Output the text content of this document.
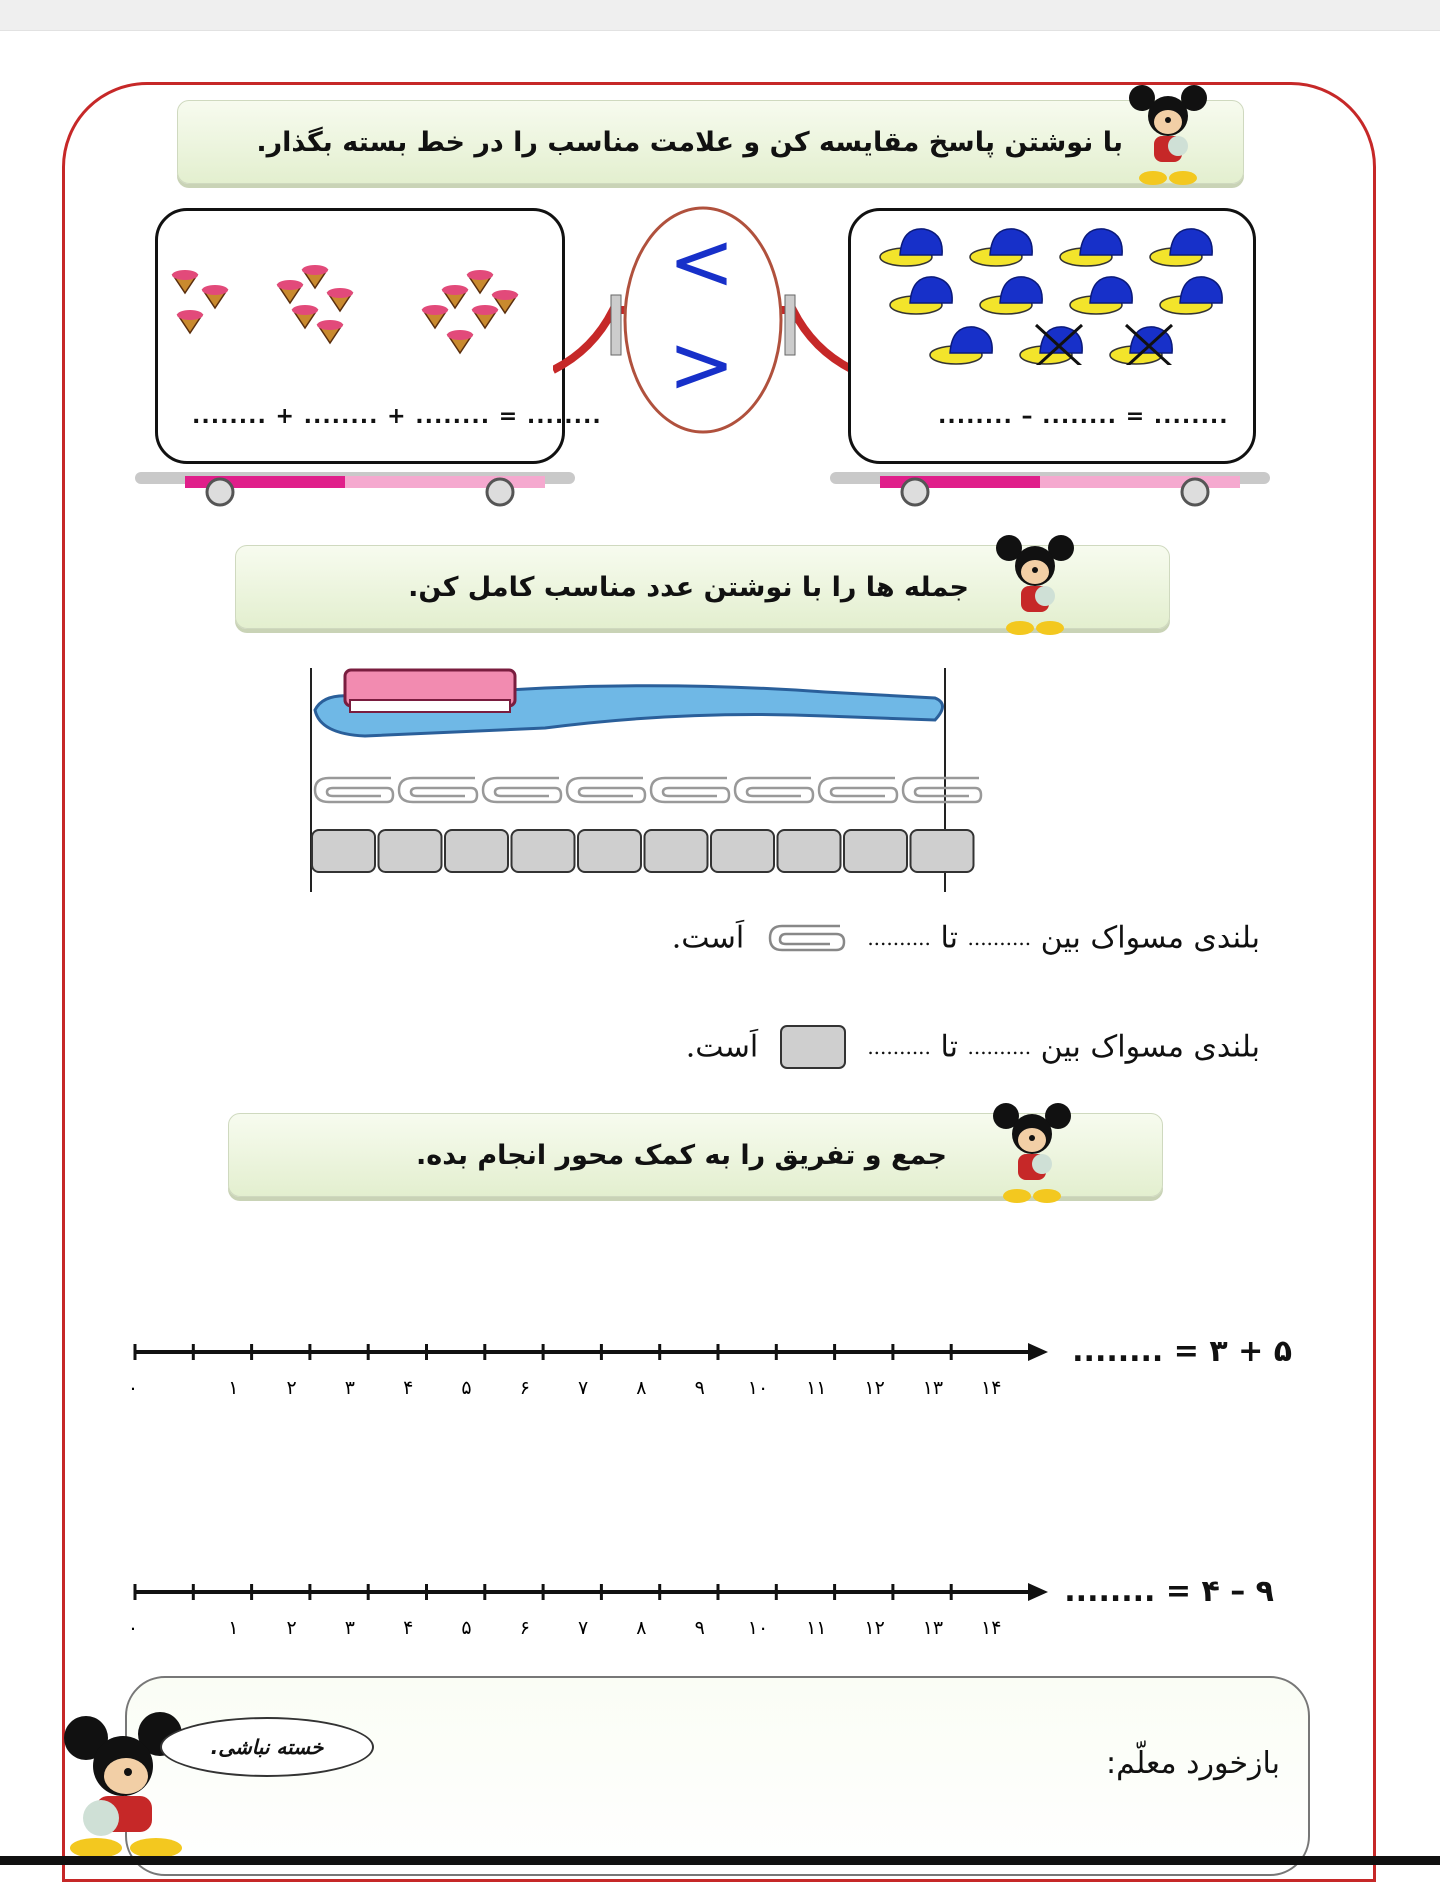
با نوشتن پاسخ مقایسه کن و علامت مناسب را در خط بسته بگذار.
........ + ........ + ........ = ........
<
>
........ – ........ = ........
جمله ها را با نوشتن عدد مناسب کامل کن.
بلندی مسواک بین .......... تا ..........  اَست.
بلندی مسواک بین .......... تا ..........  اَست.
جمع و تفریق را به کمک محور انجام بده.
۰	۱	۲	۳	۴	۵	۶	۷	۸	۹ ۱۰ ۱۱ ۱۲ ۱۳ ۱۴
........ = ۳ + ۵
۰	۱	۲	۳	۴	۵	۶	۷	۸	۹ ۱۰ ۱۱ ۱۲ ۱۳ ۱۴
........ = ۴ – ۹
بازخورد معلّم:
خسته نباشی.
